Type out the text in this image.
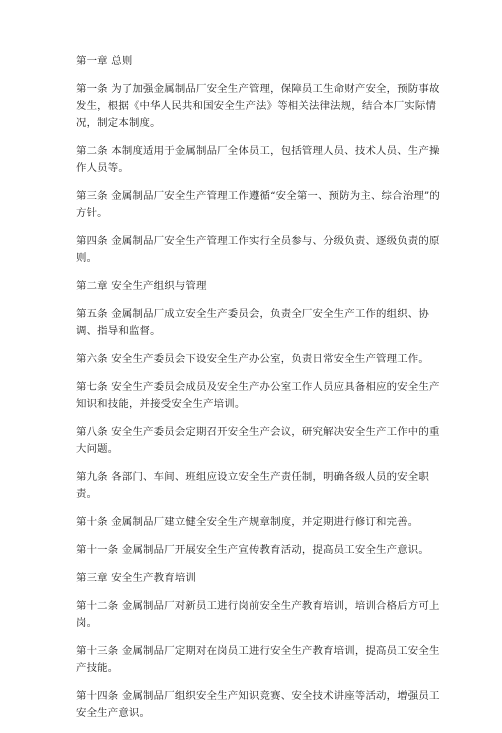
第一章 总则

第一条 为了加强金属制品厂安全生产管理，保障员工生命财产安全，预防事故发生，根据《中华人民共和国安全生产法》等相关法律法规，结合本厂实际情况，制定本制度。

第二条 本制度适用于金属制品厂全体员工，包括管理人员、技术人员、生产操作人员等。

第三条 金属制品厂安全生产管理工作遵循“安全第一、预防为主、综合治理”的方针。

第四条 金属制品厂安全生产管理工作实行全员参与、分级负责、逐级负责的原则。

第二章 安全生产组织与管理

第五条 金属制品厂成立安全生产委员会，负责全厂安全生产工作的组织、协调、指导和监督。

第六条 安全生产委员会下设安全生产办公室，负责日常安全生产管理工作。

第七条 安全生产委员会成员及安全生产办公室工作人员应具备相应的安全生产知识和技能，并接受安全生产培训。

第八条 安全生产委员会定期召开安全生产会议，研究解决安全生产工作中的重大问题。

第九条 各部门、车间、班组应设立安全生产责任制，明确各级人员的安全职责。

第十条 金属制品厂建立健全安全生产规章制度，并定期进行修订和完善。

第十一条 金属制品厂开展安全生产宣传教育活动，提高员工安全生产意识。

第三章 安全生产教育培训

第十二条 金属制品厂对新员工进行岗前安全生产教育培训，培训合格后方可上岗。

第十三条 金属制品厂定期对在岗员工进行安全生产教育培训，提高员工安全生产技能。

第十四条 金属制品厂组织安全生产知识竞赛、安全技术讲座等活动，增强员工安全生产意识。
